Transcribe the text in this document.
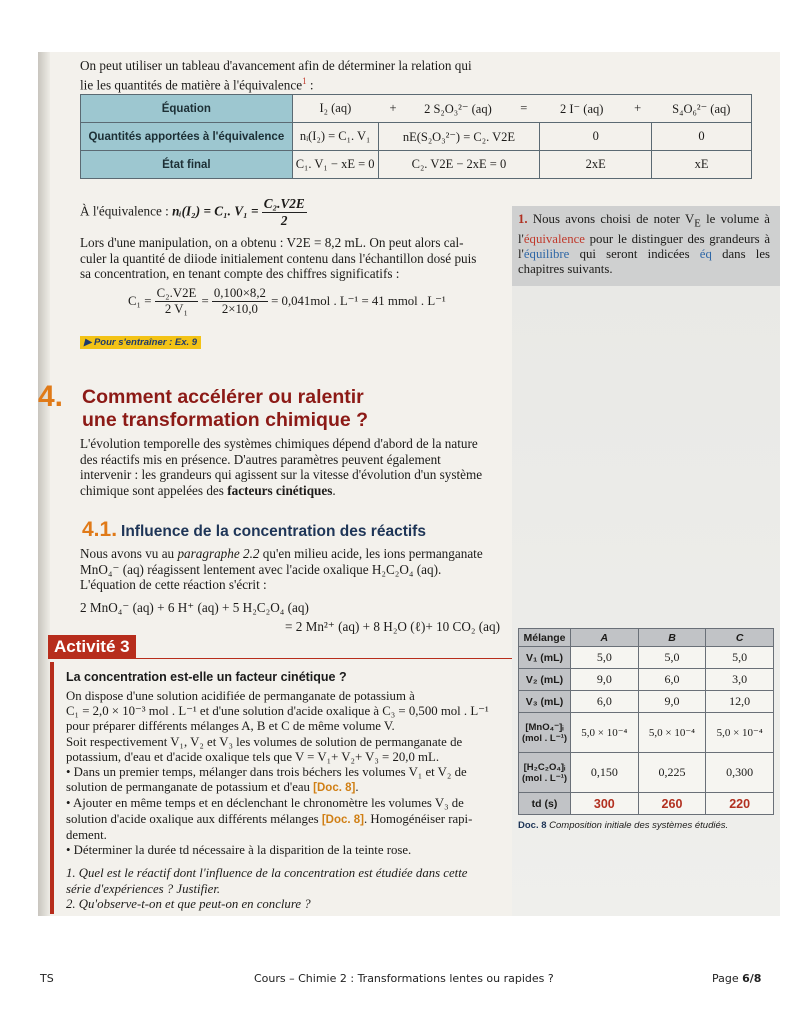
On peut utiliser un tableau d'avancement afin de déterminer la relation qui
lie les quantités de matière à l'équivalence$^1$ :

Équation	I₂ (aq)	+	2 S₂O₃²⁻ (aq)	=	2 I⁻ (aq)	+	S₄O₆²⁻ (aq)
Quantités apportées à l'équivalence	nᵢ(I₂) = C₁. V₁	nE(S₂O₃²⁻) = C₂. V2E			0		0
État final	C₁. V₁ − xE = 0	C₂. V2E − 2xE = 0			2xE		xE
À l'équivalence : nᵢ(I₂) = C₁. $V_1 = \frac{\text{C₂.V2E}}{2}$

Lors d'une manipulation, on a obtenu : V2E = 8,2 mL. On peut alors cal-
culer la quantité de diiode initialement contenu dans l'échantillon dosé puis
sa concentration, en tenant compte des chiffres significatifs :

$C_1 = \frac{\text{C₂.V2E}}{\text{2 V₁}} = \frac{0,100\times 8,2}{2\times 10,0} = 0,041mol$ . L⁻¹ = 41 mmol . L⁻¹
▶ Pour s'entraîner : Ex. 9

1. Nous avons choisi de noter $V_E$ le volume à l'équivalence pour le distinguer des grandeurs à l'équilibre qui seront indicées éq dans les chapitres suivants.

4. Comment accélérer ou ralentir
une transformation chimique ?

L'évolution temporelle des systèmes chimiques dépend d'abord de la nature
des réactifs mis en présence. D'autres paramètres peuvent également
intervenir : les grandeurs qui agissent sur la vitesse d'évolution d'un système
chimique sont appelées des facteurs cinétiques.

4.1. Influence de la concentration des réactifs

Nous avons vu au paragraphe 2.2 qu'en milieu acide, les ions permanganate
MnO₄⁻ (aq) réagissent lentement avec l'acide oxalique H₂C₂O₄ (aq).
L'équation de cette réaction s'écrit :

2 MnO₄⁻ (aq) + 6 H⁺ (aq) + 5 H₂C₂O₄ (aq)
= 2 Mn²⁺ (aq) + 8 H₂O (ℓ)+ 10 CO₂ (aq)
Activité 3
La concentration est-elle un facteur cinétique ?

On dispose d'une solution acidifiée de permanganate de potassium à
C₁ = 2,0 × 10⁻³ mol . L⁻¹ et d'une solution d'acide oxalique à C₃ = 0,500 mol . L⁻¹
pour préparer différents mélanges A, B et C de même volume V.
Soit respectivement V₁, V₂ et V₃ les volumes de solution de permanganate de
potassium, d'eau et d'acide oxalique tels que V = V₁+ V₂+ V₃ = 20,0 mL.
• Dans un premier temps, mélanger dans trois béchers les volumes V₁ et V₂ de
solution de permanganate de potassium et d'eau [Doc. 8].
• Ajouter en même temps et en déclenchant le chronomètre les volumes V₃ de
solution d'acide oxalique aux différents mélanges [Doc. 8]. Homogénéiser rapi-
dement.
• Déterminer la durée td nécessaire à la disparition de la teinte rose.

1. Quel est le réactif dont l'influence de la concentration est étudiée dans cette
série d'expériences ? Justifier.
2. Qu'observe-t-on et que peut-on en conclure ?

Mélange	A	B	C
V₁ (mL)	5,0	5,0	5,0
V₂ (mL)	9,0	6,0	3,0
V₃ (mL)	6,0	9,0	12,0
[MnO₄⁻]ᵢ (mol . L⁻¹)	5,0 × 10⁻⁴	5,0 × 10⁻⁴	5,0 × 10⁻⁴
[H₂C₂O₄]ᵢ (mol . L⁻¹)	0,150	0,225	0,300
td (s)	300	260	220
Doc. 8 Composition initiale des systèmes étudiés.
TS	Cours – Chimie 2 : Transformations lentes ou rapides ?	Page 6/8
